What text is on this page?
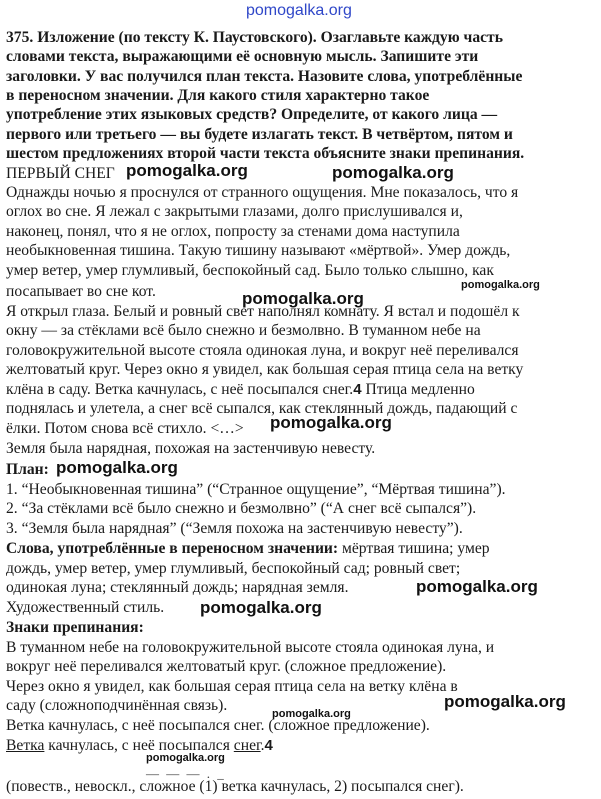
pomogalka.org
375. Изложение (по тексту К. Паустовского). Озаглавьте каждую часть
словами текста, выражающими её основную мысль. Запишите эти
заголовки. У вас получился план текста. Назовите слова, употреблённые
в переносном значении. Для какого стиля характерно такое
употребление этих языковых средств? Определите, от какого лица —
первого или третьего — вы будете излагать текст. В четвёртом, пятом и
шестом предложениях второй части текста объясните знаки препинания.
ПЕРВЫЙ СНЕГ pomogalka.org	pomogalka.org
Однажды ночью я проснулся от странного ощущения. Мне показалось, что я
оглох во сне. Я лежал с закрытыми глазами, долго прислушивался и,
наконец, понял, что я не оглох, попросту за стенами дома наступила
необыкновенная тишина. Такую тишину называют «мёртвой». Умер дождь,
умер ветер, умер глумливый, беспокойный сад. Было только слышно, как
посапывает во сне кот.	pomogalka.org
pomogalka.org
Я открыл глаза. Белый и ровный свет наполнял комнату. Я встал и подошёл к
окну — за стёклами всё было снежно и безмолвно. В туманном небе на
головокружительной высоте стояла одинокая луна, и вокруг неё переливался
желтоватый круг. Через окно я увидел, как большая серая птица села на ветку
клёна в саду. Ветка качнулась, с неё посыпался снег.4 Птица медленно
поднялась и улетела, а снег всё сыпался, как стеклянный дождь, падающий с
ёлки. Потом снова всё стихло. <…> pomogalka.org
Земля была нарядная, похожая на застенчивую невесту.
План: pomogalka.org
1. “Необыкновенная тишина” (“Странное ощущение”, “Мёртвая тишина”).
2. “За стёклами всё было снежно и безмолвно” (“А снег всё сыпался”).
3. “Земля была нарядная” (“Земля похожа на застенчивую невесту”).
Слова, употреблённые в переносном значении: мёртвая тишина; умер
дождь, умер ветер, умер глумливый, беспокойный сад; ровный свет;
одинокая луна; стеклянный дождь; нарядная земля.	pomogalka.org
Художественный стиль. pomogalka.org
Знаки препинания:
В туманном небе на головокружительной высоте стояла одинокая луна, и
вокруг неё переливался желтоватый круг. (сложное предложение).
Через окно я увидел, как большая серая птица села на ветку клёна в
саду (сложноподчинённая связь).	pomogalka.org
pomogalka.org
Ветка качнулась, с неё посыпался снег. (сложное предложение).
Ветка качнулась, с неё посыпался снег.4
pomogalka.org
— — — . _
(повеств., невоскл., сложное (1) ветка качнулась, 2) посыпался снег).
